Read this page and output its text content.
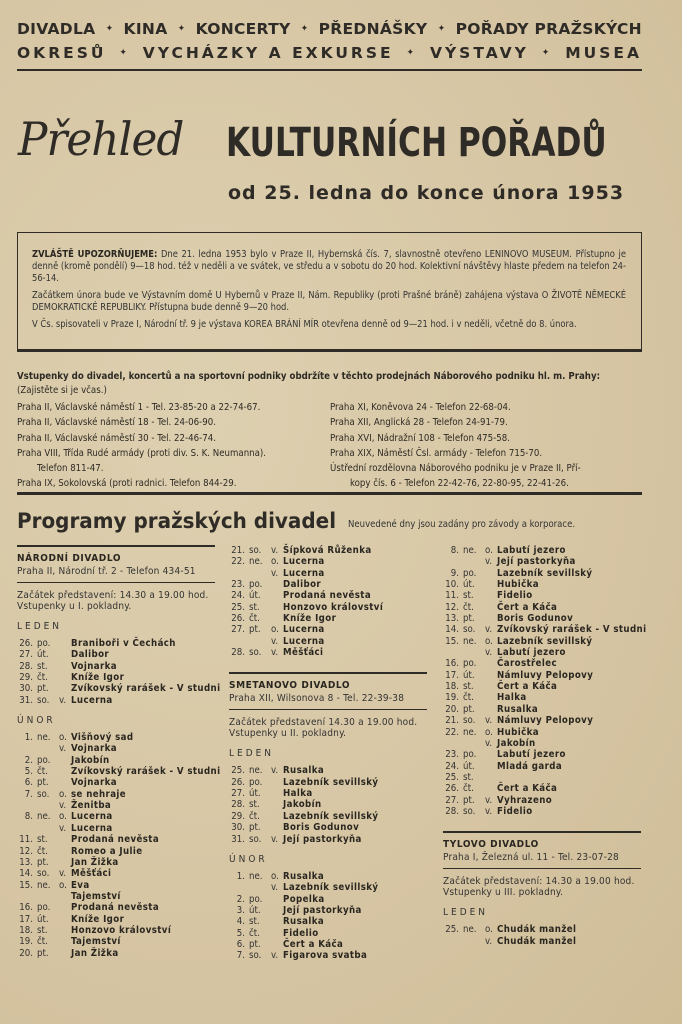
DIVADLA ✦ KINA ✦ KONCERTY ✦ PŘEDNÁŠKY ✦ POŘADY PRAŽSKÝCH
OKRESŮ ✦ VYCHÁZKY A EXKURSE ✦ VÝSTAVY ✦ MUSEA
Přehled KULTURNÍCH POŘADŮ
od 25. ledna do konce února 1953

ZVLÁŠTĚ UPOZORŇUJEME: Dne 21. ledna 1953 bylo v Praze II, Hybernská čís. 7, slavnostně otevřeno LENINOVO MUSEUM. Přístupno je denně (kromě pondělí) 9—18 hod. též v neděli a ve svátek, ve středu a v sobotu do 20 hod. Kolektivní návštěvy hlaste předem na telefon 24-56-14.

Začátkem února bude ve Výstavním domě U Hybernů v Praze II, Nám. Republiky (proti Prašné bráně) zahájena výstava O ŽIVOTĚ NĚMECKÉ DEMOKRATICKÉ REPUBLIKY. Přístupna bude denně 9—20 hod.

V Čs. spisovateli v Praze I, Národní tř. 9 je výstava KOREA BRÁNÍ MÍR otevřena denně od 9—21 hod. i v neděli, včetně do 8. února.

Vstupenky do divadel, koncertů a na sportovní podniky obdržíte v těchto prodejnách Náborového podniku hl. m. Prahy:
(Zajistěte si je včas.)
Praha II, Václavské náměstí 1 - Tel. 23-85-20 a 22-74-67.
Praha II, Václavské náměstí 18 - Tel. 24-06-90.
Praha II, Václavské náměstí 30 - Tel. 22-46-74.
Praha VIII, Třída Rudé armády (proti div. S. K. Neumanna).
Telefon 811-47.
Praha IX, Sokolovská (proti radnici. Telefon 844-29.
Praha XI, Koněvova 24 - Telefon 22-68-04.
Praha XII, Anglická 28 - Telefon 24-91-79.
Praha XVI, Nádražní 108 - Telefon 475-58.
Praha XIX, Náměstí Čsl. armády - Telefon 715-70.
Ústřední rozdělovna Náborového podniku je v Praze II, Pří-
kopy čís. 6 - Telefon 22-42-76, 22-80-95, 22-41-26.
Programy pražských divadel Neuvedené dny jsou zadány pro závody a korporace.
NÁRODNÍ DIVADLO
Praha II, Národní tř. 2 - Telefon 434-51
Začátek představení: 14.30 a 19.00 hod.
Vstupenky u I. pokladny.
LEDEN
26. po.	Braniboři v Čechách
27. út.	Dalibor
28. st.	Vojnarka
29. čt.	Kníže Igor
30. pt.	Zvíkovský rarášek - V studni
31. so.	v. Lucerna
ÚNOR
1. ne. o. Višňový sad
v. Vojnarka
2. po.	Jakobín
5. čt.	Zvíkovský rarášek - V studni
6. pt.	Vojnarka
7. so.	o. se nehraje
v. Ženitba
8. ne. o. Lucerna
v. Lucerna
11. st.	Prodaná nevěsta
12. čt.	Romeo a Julie
13. pt.	Jan Žižka
14. so.	v. Měšťáci
15. ne. o. Eva
Tajemství
16. po.	Prodaná nevěsta
17. út.	Kníže Igor
18. st.	Honzovo království
19. čt.	Tajemství
20. pt.	Jan Žižka
21. so.	v. Šípková Růženka
22. ne. o. Lucerna
v. Lucerna
23. po.	Dalibor
24. út.	Prodaná nevěsta
25. st.	Honzovo království
26. čt.	Kníže Igor
27. pt.	o. Lucerna
v. Lucerna
28. so.	v. Měšťáci
SMETANOVO DIVADLO
Praha XII, Wilsonova 8 - Tel. 22-39-38
Začátek představení 14.30 a 19.00 hod.
Vstupenky u II. pokladny.
LEDEN
25. ne. v. Rusalka
26. po.	Lazebník sevillský
27. út.	Halka
28. st.	Jakobín
29. čt.	Lazebník sevillský
30. pt.	Boris Godunov
31. so.	v. Její pastorkyňa
ÚNOR
1. ne. o. Rusalka
v. Lazebník sevillský
2. po.	Popelka
3. út.	Její pastorkyňa
4. st.	Rusalka
5. čt.	Fidelio
6. pt.	Čert a Káča
7. so.	v. Figarova svatba
8. ne. o. Labutí jezero
v. Její pastorkyňa
9. po.	Lazebník sevillský
10. út.	Hubička
11. st.	Fidelio
12. čt.	Čert a Káča
13. pt.	Boris Godunov
14. so.	v. Zvíkovský rarášek - V studni
15. ne. o. Lazebník sevillský
v. Labutí jezero
16. po.	Čarostřelec
17. út.	Námluvy Pelopovy
18. st.	Čert a Káča
19. čt.	Halka
20. pt.	Rusalka
21. so.	v. Námluvy Pelopovy
22. ne. o. Hubička
v. Jakobín
23. po.	Labutí jezero
24. út.	Mladá garda
25. st.
26. čt.	Čert a Káča
27. pt.	v. Vyhrazeno
28. so.	v. Fidelio
TYLOVO DIVADLO
Praha I, Železná ul. 11 - Tel. 23-07-28
Začátek představení: 14.30 a 19.00 hod.
Vstupenky u III. pokladny.
LEDEN
25. ne. o. Chudák manžel
v. Chudák manžel
